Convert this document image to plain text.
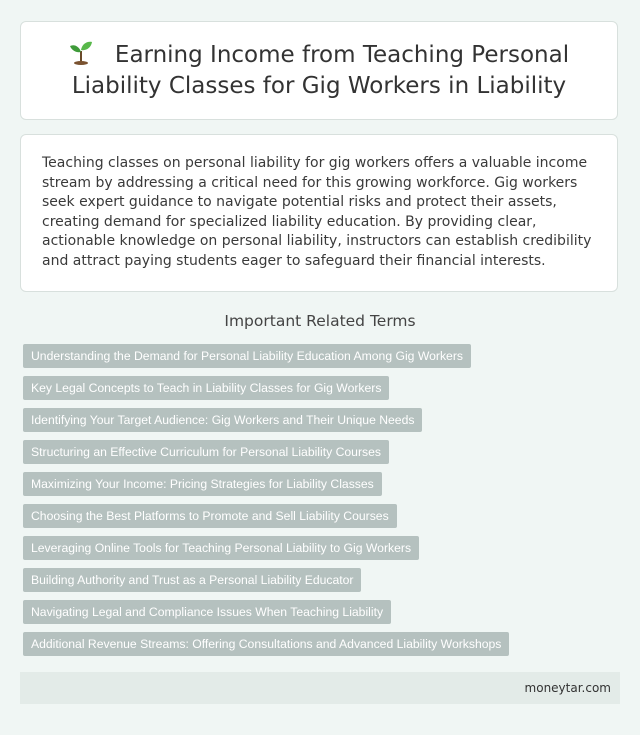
Earning Income from Teaching Personal Liability Classes for Gig Workers in Liability

Teaching classes on personal liability for gig workers offers a valuable income stream by addressing a critical need for this growing workforce. Gig workers seek expert guidance to navigate potential risks and protect their assets, creating demand for specialized liability education. By providing clear, actionable knowledge on personal liability, instructors can establish credibility and attract paying students eager to safeguard their financial interests.

Important Related Terms
Understanding the Demand for Personal Liability Education Among Gig Workers
Key Legal Concepts to Teach in Liability Classes for Gig Workers
Identifying Your Target Audience: Gig Workers and Their Unique Needs
Structuring an Effective Curriculum for Personal Liability Courses
Maximizing Your Income: Pricing Strategies for Liability Classes
Choosing the Best Platforms to Promote and Sell Liability Courses
Leveraging Online Tools for Teaching Personal Liability to Gig Workers
Building Authority and Trust as a Personal Liability Educator
Navigating Legal and Compliance Issues When Teaching Liability
Additional Revenue Streams: Offering Consultations and Advanced Liability Workshops
moneytar.com
